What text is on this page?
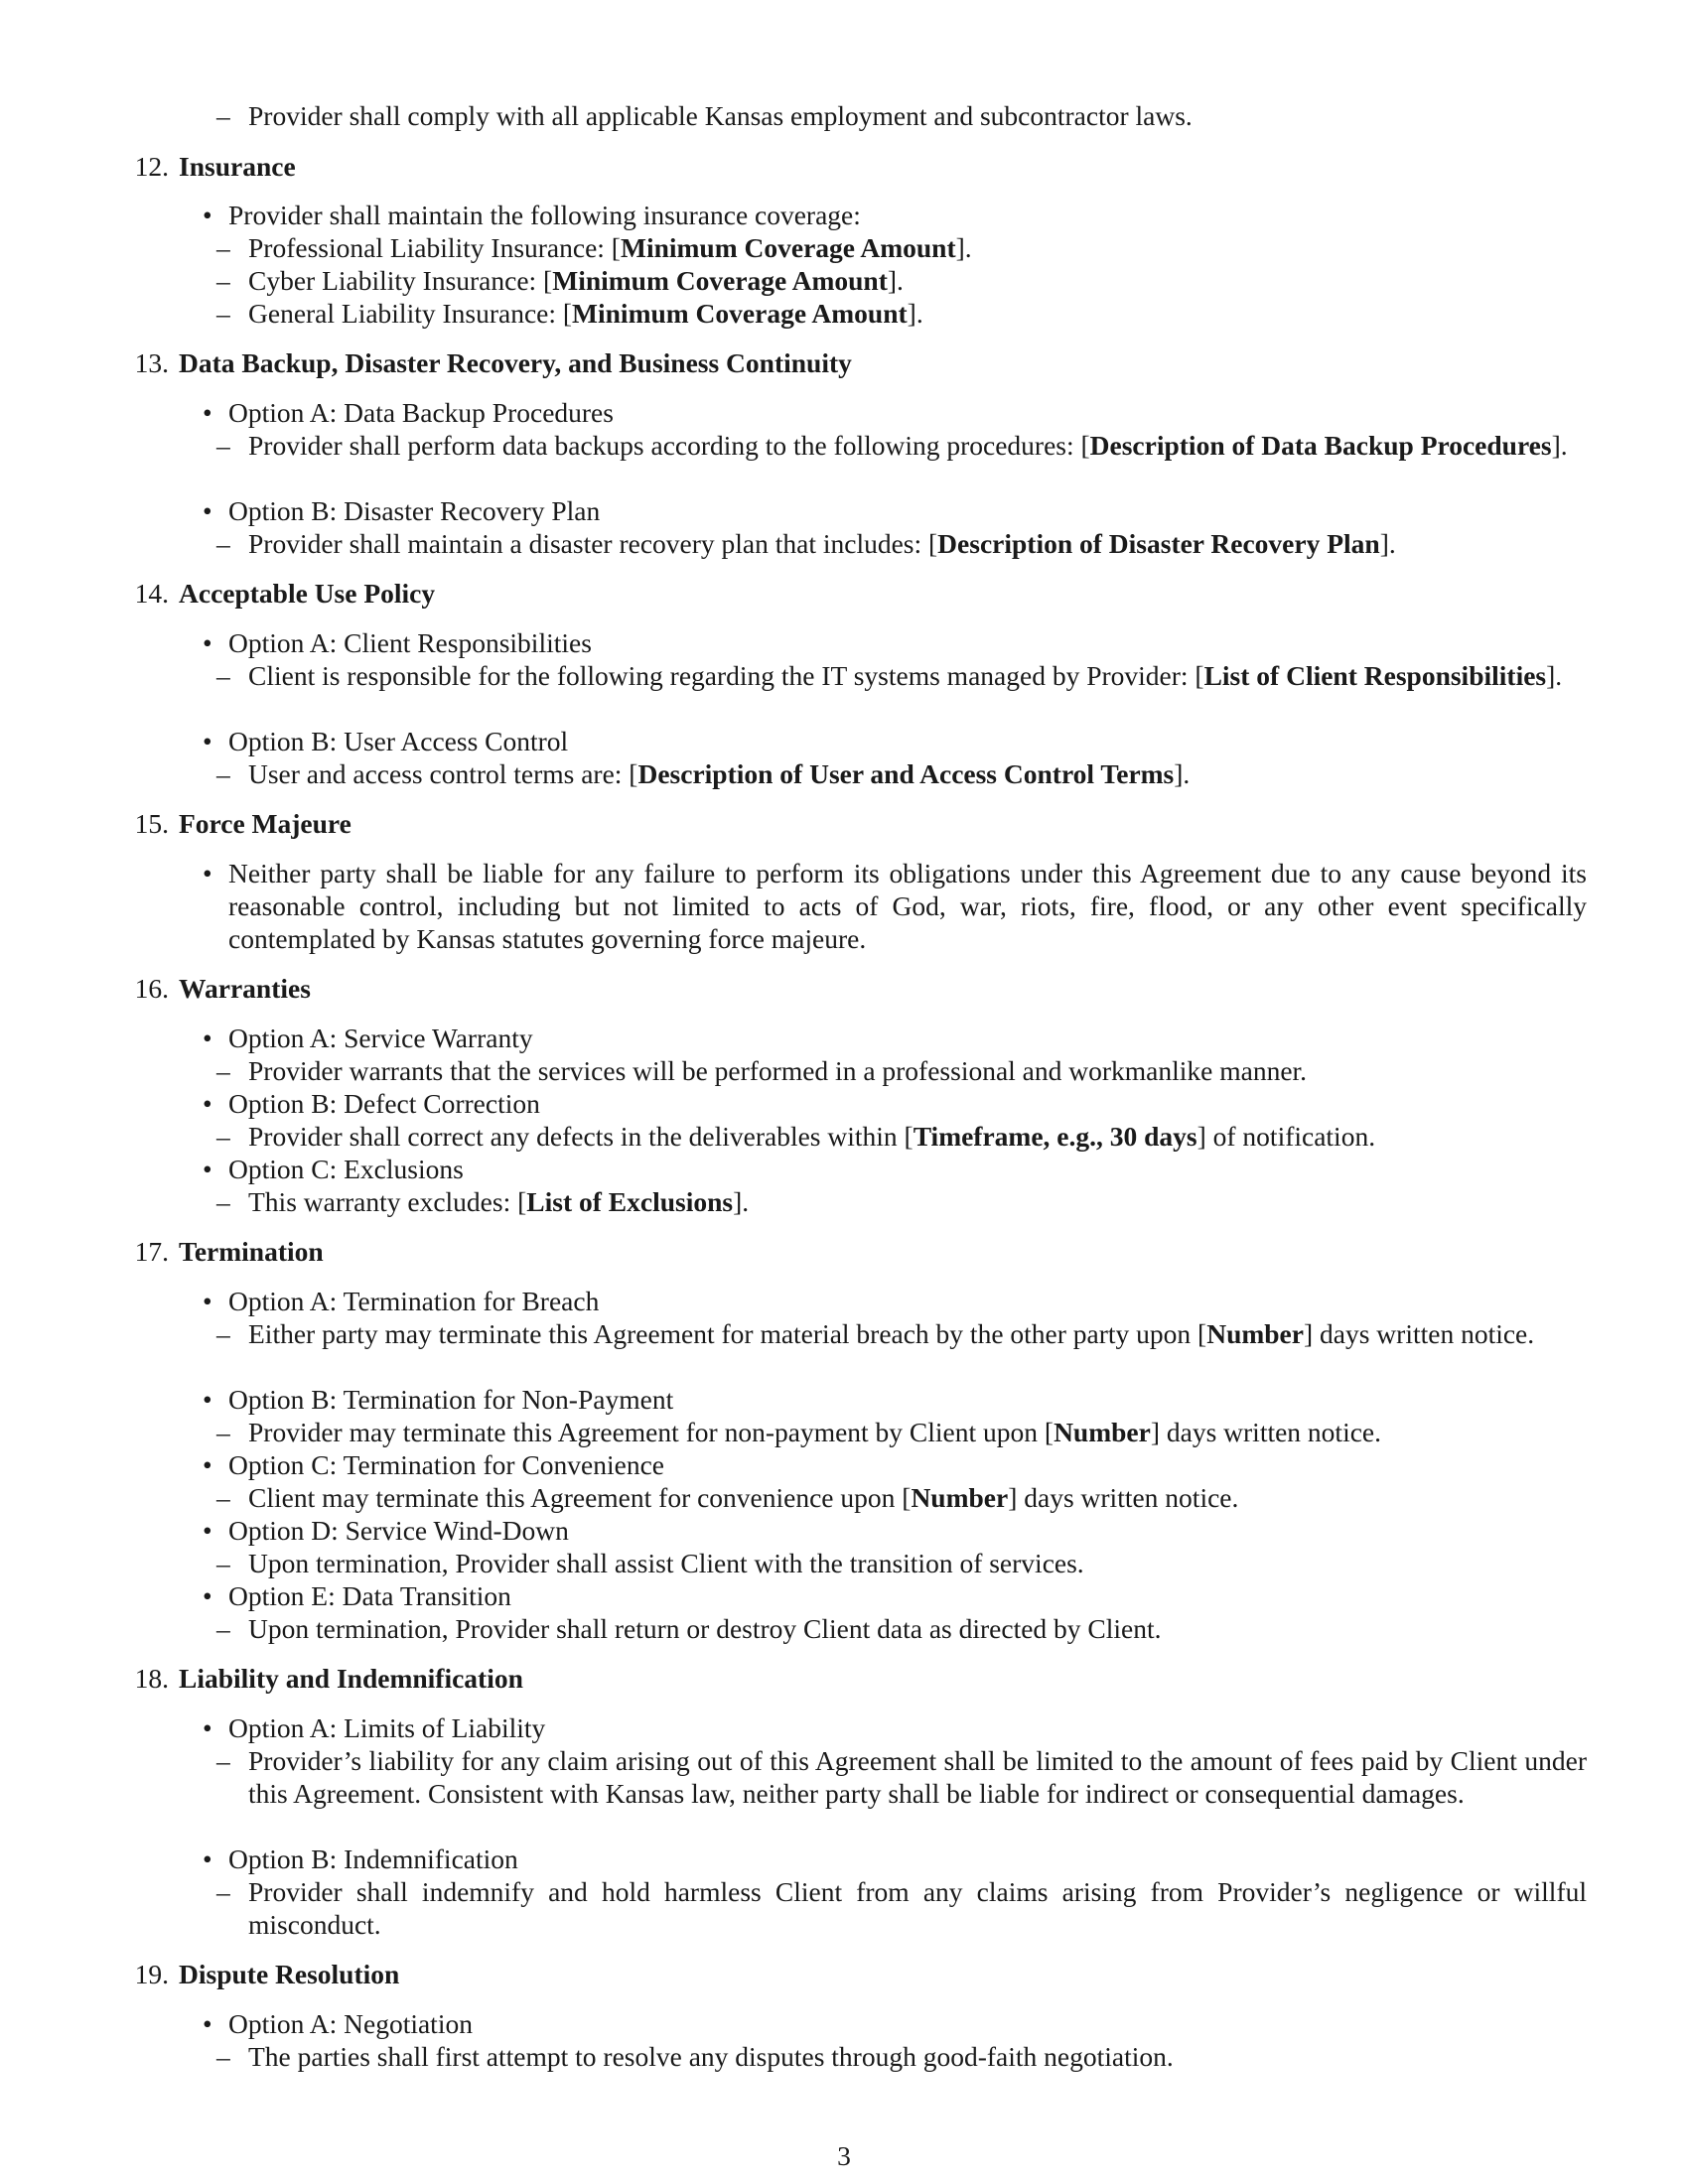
– Provider shall comply with all applicable Kansas employment and subcontractor laws.
12. Insurance
• Provider shall maintain the following insurance coverage:
– Professional Liability Insurance: [Minimum Coverage Amount].
– Cyber Liability Insurance: [Minimum Coverage Amount].
– General Liability Insurance: [Minimum Coverage Amount].
13. Data Backup, Disaster Recovery, and Business Continuity
• Option A: Data Backup Procedures
– Provider shall perform data backups according to the following procedures: [Description of Data Backup Procedures].
• Option B: Disaster Recovery Plan
– Provider shall maintain a disaster recovery plan that includes: [Description of Disaster Recovery Plan].
14. Acceptable Use Policy
• Option A: Client Responsibilities
– Client is responsible for the following regarding the IT systems managed by Provider: [List of Client Responsibilities].
• Option B: User Access Control
– User and access control terms are: [Description of User and Access Control Terms].
15. Force Majeure
• Neither party shall be liable for any failure to perform its obligations under this Agreement due to any cause beyond its reasonable control, including but not limited to acts of God, war, riots, fire, flood, or any other event specifically contemplated by Kansas statutes governing force majeure.
16. Warranties
• Option A: Service Warranty
– Provider warrants that the services will be performed in a professional and workmanlike manner.
• Option B: Defect Correction
– Provider shall correct any defects in the deliverables within [Timeframe, e.g., 30 days] of notification.
• Option C: Exclusions
– This warranty excludes: [List of Exclusions].
17. Termination
• Option A: Termination for Breach
– Either party may terminate this Agreement for material breach by the other party upon [Number] days written notice.
• Option B: Termination for Non-Payment
– Provider may terminate this Agreement for non-payment by Client upon [Number] days written notice.
• Option C: Termination for Convenience
– Client may terminate this Agreement for convenience upon [Number] days written notice.
• Option D: Service Wind-Down
– Upon termination, Provider shall assist Client with the transition of services.
• Option E: Data Transition
– Upon termination, Provider shall return or destroy Client data as directed by Client.
18. Liability and Indemnification
• Option A: Limits of Liability
– Provider’s liability for any claim arising out of this Agreement shall be limited to the amount of fees paid by Client under this Agreement. Consistent with Kansas law, neither party shall be liable for indirect or consequential damages.
• Option B: Indemnification
– Provider shall indemnify and hold harmless Client from any claims arising from Provider’s negligence or willful misconduct.
19. Dispute Resolution
• Option A: Negotiation
– The parties shall first attempt to resolve any disputes through good-faith negotiation.
3
